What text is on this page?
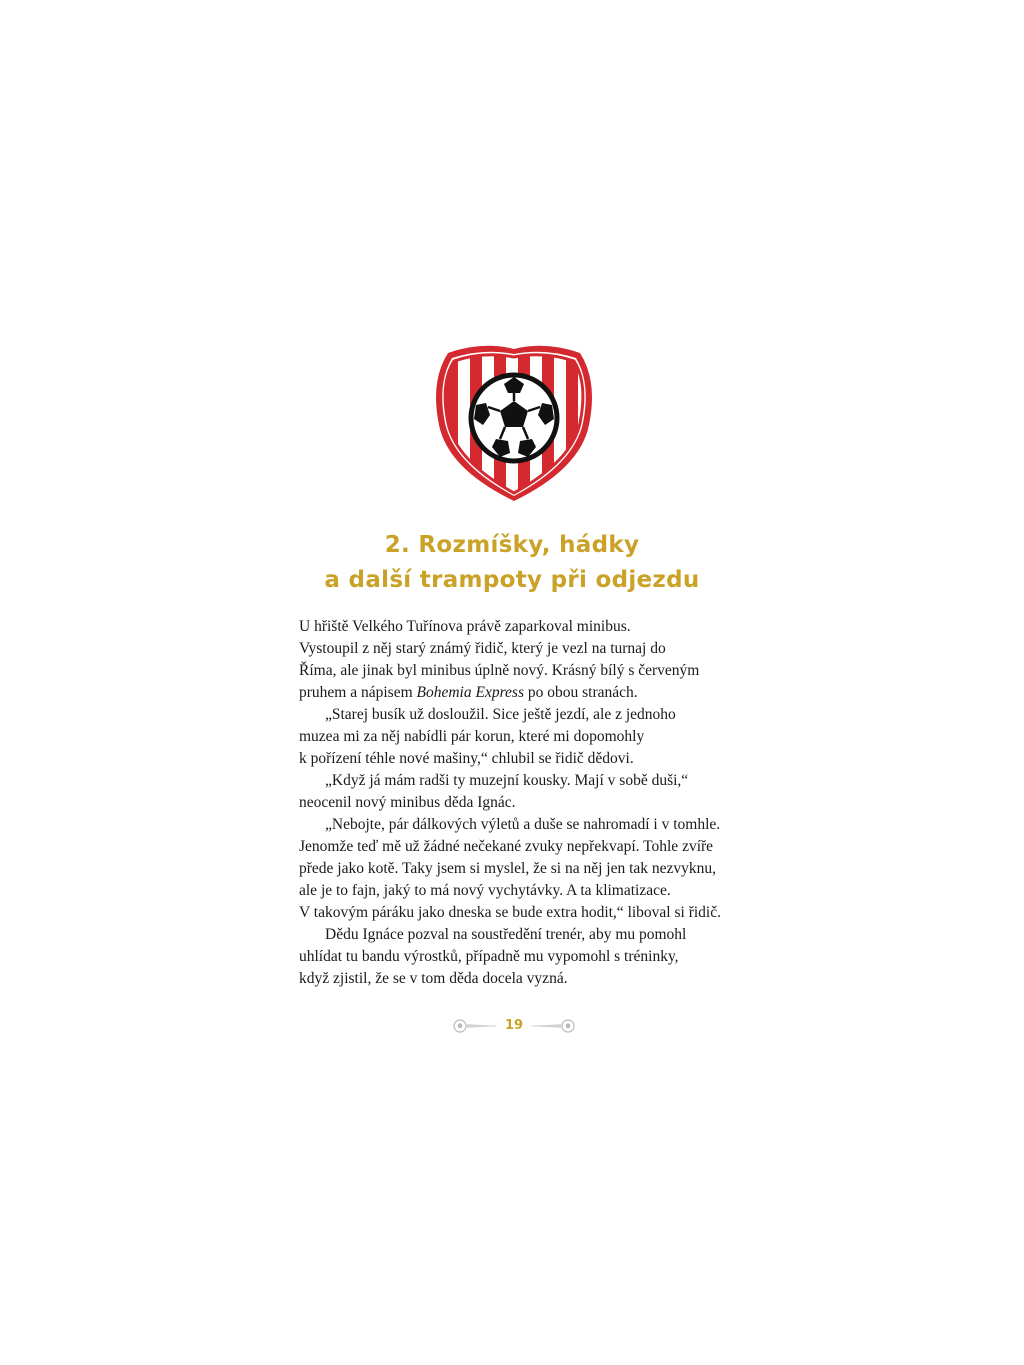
2. Rozmíšky, hádky
a další trampoty při odjezdu

U hřiště Velkého Tuřínova právě zaparkoval minibus.
Vystoupil z něj starý známý řidič, který je vezl na turnaj do
Říma, ale jinak byl minibus úplně nový. Krásný bílý s červeným
pruhem a nápisem Bohemia Express po obou stranách.

„Starej busík už dosloužil. Sice ještě jezdí, ale z jednoho

muzea mi za něj nabídli pár korun, které mi dopomohly
k pořízení téhle nové mašiny,“ chlubil se řidič dědovi.

„Když já mám radši ty muzejní kousky. Mají v sobě duši,“

neocenil nový minibus děda Ignác.

„Nebojte, pár dálkových výletů a duše se nahromadí i v tomhle.

Jenomže teď mě už žádné nečekané zvuky nepřekvapí. Tohle zvíře
přede jako kotě. Taky jsem si myslel, že si na něj jen tak nezvyknu,
ale je to fajn, jaký to má nový vychytávky. A ta klimatizace.
V takovým páráku jako dneska se bude extra hodit,“ liboval si řidič.

Dědu Ignáce pozval na soustředění trenér, aby mu pomohl

uhlídat tu bandu výrostků, případně mu vypomohl s tréninky,
když zjistil, že se v tom děda docela vyzná.

19
